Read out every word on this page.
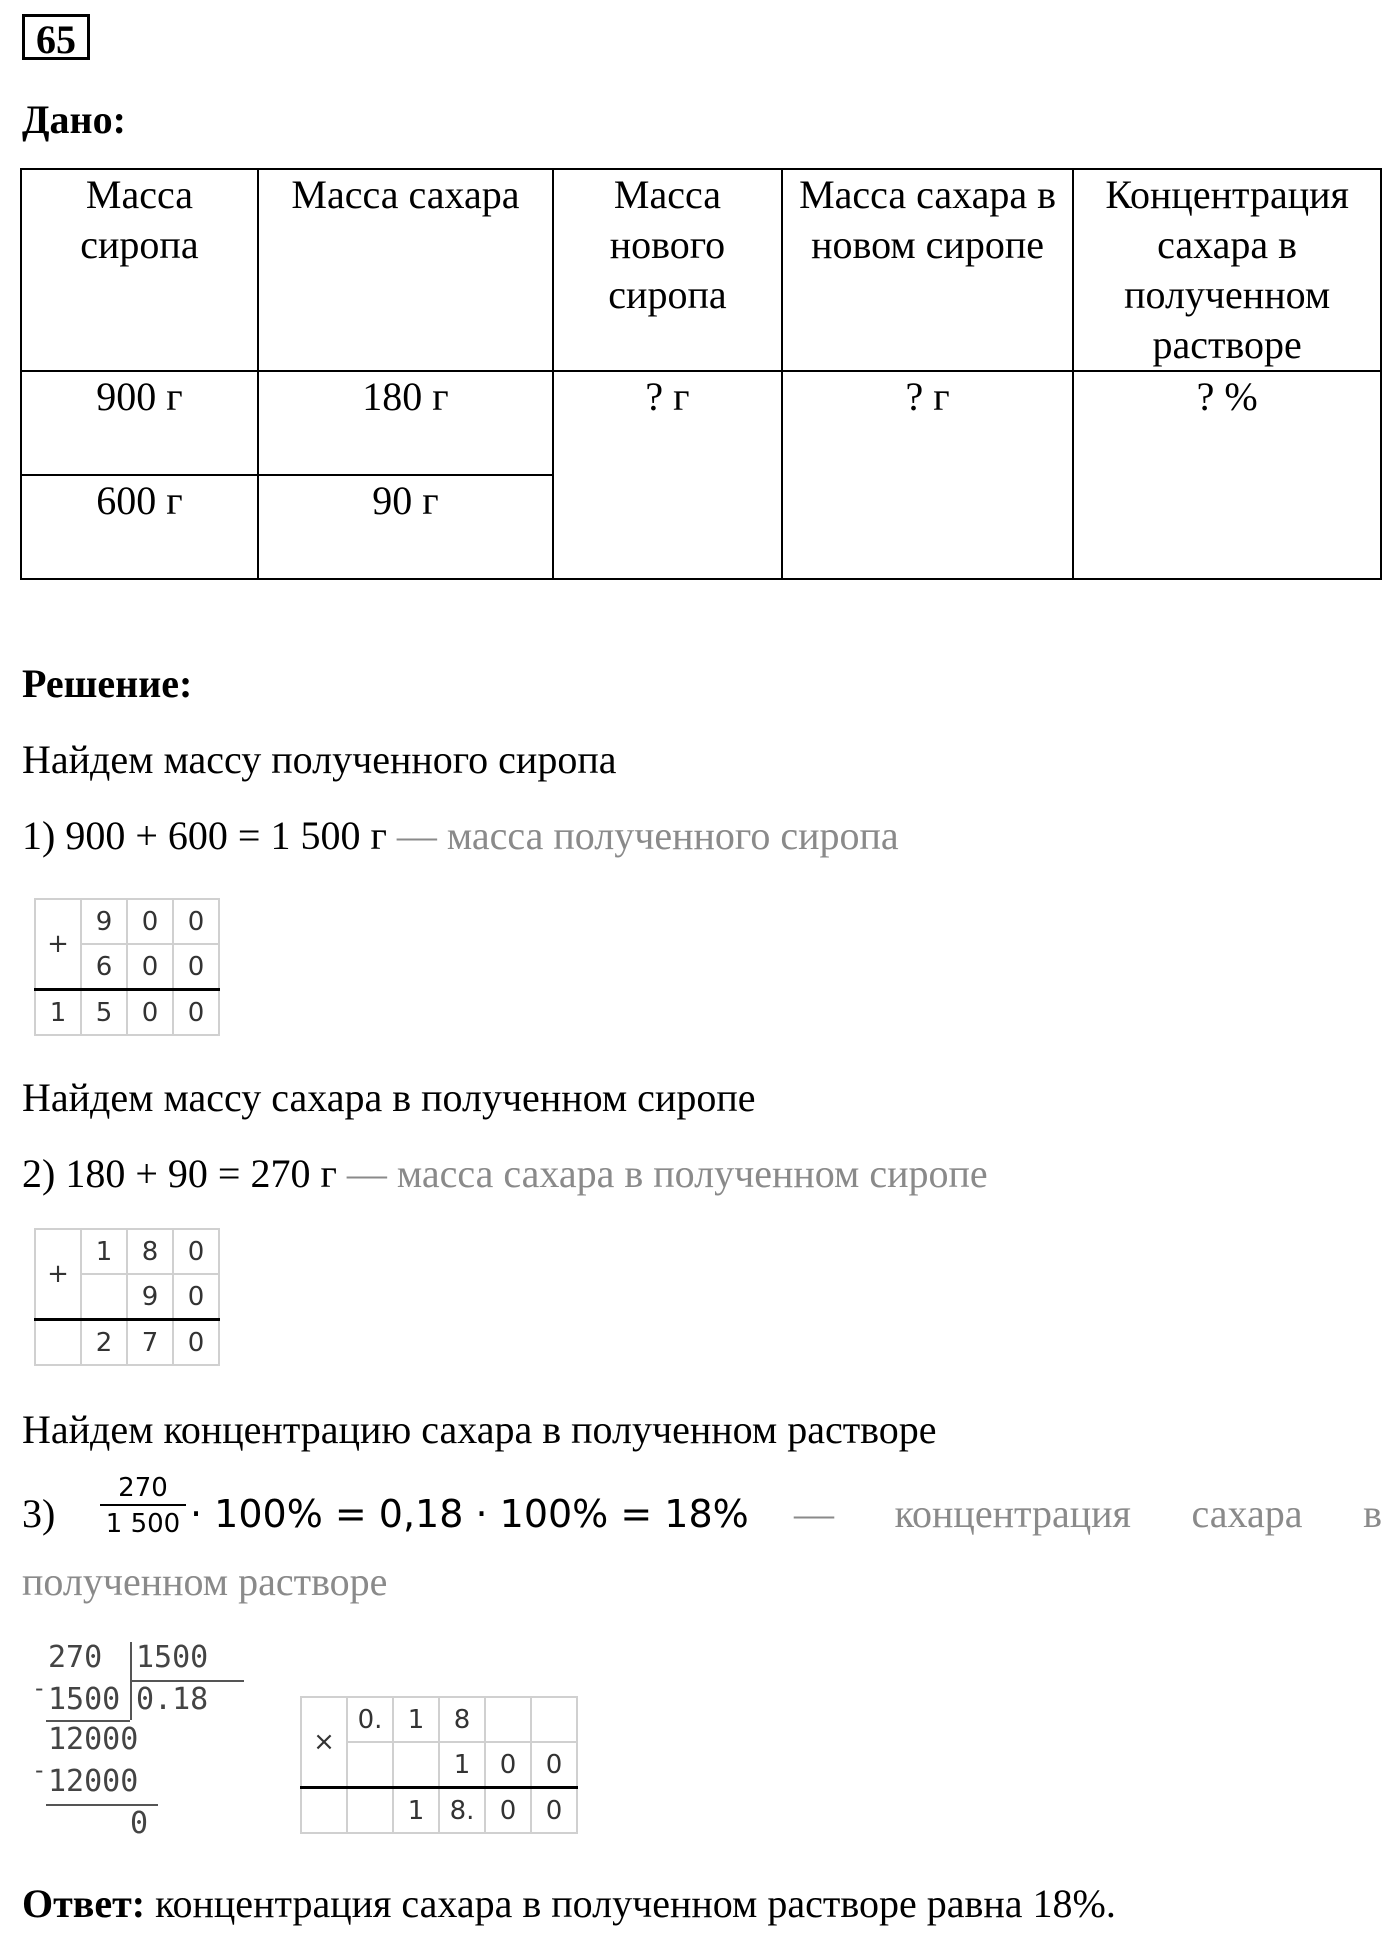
65
Дано:
Масса сиропа	Масса сахара	Масса нового сиропа	Масса сахара в новом сиропе	Концентрация сахара в полученном растворе
900 г	180 г	? г	? г	? %
600 г	90 г			
Решение:
Найдем массу полученного сиропа
1) 900 + 600 = 1 500 г — масса полученного сиропа
+	9	0	0
	6	0	0
1	5	0	0
Найдем массу сахара в полученном сиропе
2) 180 + 90 = 270 г — масса сахара в полученном сиропе
+	1	8	0
		9	0
	2	7	0
Найдем концентрацию сахара в полученном растворе
$3) \frac{270}{1 500} \cdot 100\% = 0,18 \cdot 100\% = 18\%$ — концентрация сахара в
полученном растворе
270 1500
- 1500 0.18
12000
- 12000
0
×	0.	1	8		
			1	0	0
		1	8.	0	0
Ответ: концентрация сахара в полученном растворе равна 18%.
